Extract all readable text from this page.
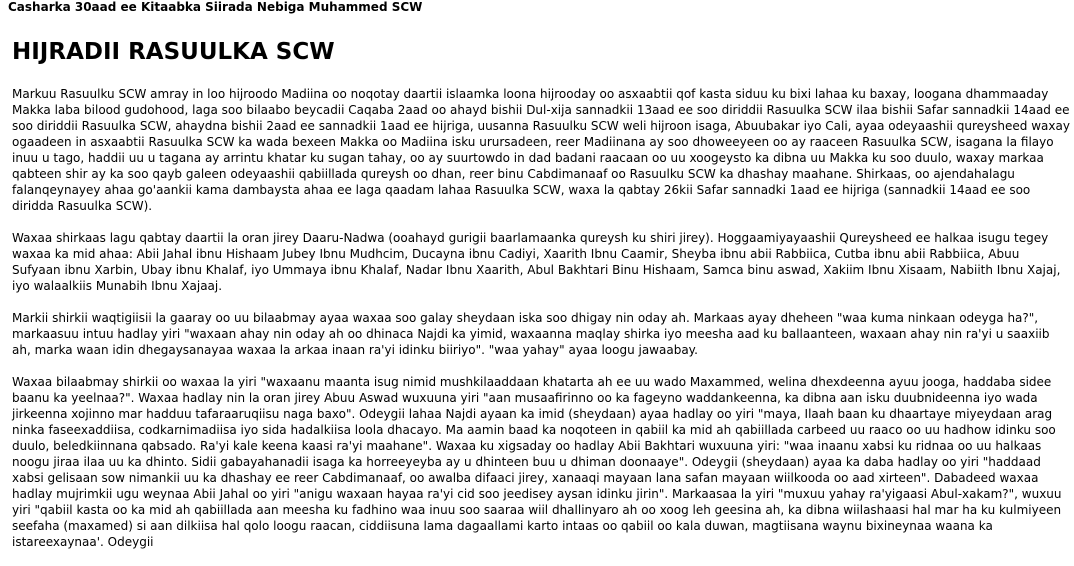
Casharka 30aad ee Kitaabka Siirada Nebiga Muhammed SCW
HIJRADII RASUULKA SCW

Markuu Rasuulku SCW amray in loo hijroodo Madiina oo noqotay daartii islaamka loona hijrooday oo asxaabtii qof kasta siduu ku bixi lahaa ku baxay, loogana dhammaaday Makka laba bilood gudohood, laga soo bilaabo beycadii Caqaba 2aad oo ahayd bishii Dul-xija sannadkii 13aad ee soo diriddii Rasuulka SCW ilaa bishii Safar sannadkii 14aad ee soo diriddii Rasuulka SCW, ahaydna bishii 2aad ee sannadkii 1aad ee hijriga, uusanna Rasuulku SCW weli hijroon isaga, Abuubakar iyo Cali, ayaa odeyaashii qureysheed waxay ogaadeen in asxaabtii Rasuulka SCW ka wada bexeen Makka oo Madiina isku urursadeen, reer Madiinana ay soo dhoweeyeen oo ay raaceen Rasuulka SCW, isagana la filayo inuu u tago, haddii uu u tagana ay arrintu khatar ku sugan tahay, oo ay suurtowdo in dad badani raacaan oo uu xoogeysto ka dibna uu Makka ku soo duulo, waxay markaa qabteen shir ay ka soo qayb galeen odeyaashii qabiillada qureysh oo dhan, reer binu Cabdimanaaf oo Rasuulku SCW ka dhashay maahane. Shirkaas, oo ajendahalagu falanqeynayey ahaa go'aankii kama dambaysta ahaa ee laga qaadam lahaa Rasuulka SCW, waxa la qabtay 26kii Safar sannadki 1aad ee hijriga (sannadkii 14aad ee soo diridda Rasuulka SCW).

Waxaa shirkaas lagu qabtay daartii la oran jirey Daaru-Nadwa (ooahayd gurigii baarlamaanka qureysh ku shiri jirey). Hoggaamiyayaashii Qureysheed ee halkaa isugu tegey waxaa ka mid ahaa: Abii Jahal ibnu Hishaam Jubey Ibnu Mudhcim, Ducayna ibnu Cadiyi, Xaarith Ibnu Caamir, Sheyba ibnu abii Rabbiica, Cutba ibnu abii Rabbiica, Abuu Sufyaan ibnu Xarbin, Ubay ibnu Khalaf, iyo Ummaya ibnu Khalaf, Nadar Ibnu Xaarith, Abul Bakhtari Binu Hishaam, Samca binu aswad, Xakiim Ibnu Xisaam, Nabiith Ibnu Xajaj, iyo walaalkiis Munabih Ibnu Xajaaj.

Markii shirkii waqtigiisii la gaaray oo uu bilaabmay ayaa waxaa soo galay sheydaan iska soo dhigay nin oday ah. Markaas ayay dheheen "waa kuma ninkaan odeyga ha?", markaasuu intuu hadlay yiri "waxaan ahay nin oday ah oo dhinaca Najdi ka yimid, waxaanna maqlay shirka iyo meesha aad ku ballaanteen, waxaan ahay nin ra'yi u saaxiib ah, marka waan idin dhegaysanayaa waxaa la arkaa inaan ra'yi idinku biiriyo". "waa yahay" ayaa loogu jawaabay.

Waxaa bilaabmay shirkii oo waxaa la yiri "waxaanu maanta isug nimid mushkilaaddaan khatarta ah ee uu wado Maxammed, welina dhexdeenna ayuu jooga, haddaba sidee baanu ka yeelnaa?". Waxaa hadlay nin la oran jirey Abuu Aswad wuxuuna yiri "aan musaafirinno oo ka fageyno waddankeenna, ka dibna aan isku duubnideenna iyo wada jirkeenna xojinno mar hadduu tafaraaruqiisu naga baxo". Odeygii lahaa Najdi ayaan ka imid (sheydaan) ayaa hadlay oo yiri "maya, Ilaah baan ku dhaartaye miyeydaan arag ninka faseexaddiisa, codkarnimadiisa iyo sida hadalkiisa loola dhacayo. Ma aamin baad ka noqoteen in qabiil ka mid ah qabiillada carbeed uu raaco oo uu hadhow idinku soo duulo, beledkiinnana qabsado. Ra'yi kale keena kaasi ra'yi maahane". Waxaa ku xigsaday oo hadlay Abii Bakhtari wuxuuna yiri: "waa inaanu xabsi ku ridnaa oo uu halkaas noogu jiraa ilaa uu ka dhinto. Sidii gabayahanadii isaga ka horreeyeyba ay u dhinteen buu u dhiman doonaaye". Odeygii (sheydaan) ayaa ka daba hadlay oo yiri "haddaad xabsi gelisaan sow nimankii uu ka dhashay ee reer Cabdimanaaf, oo awalba difaaci jirey, xanaaqi mayaan lana safan mayaan wiilkooda oo aad xirteen". Dabadeed waxaa hadlay mujrimkii ugu weynaa Abii Jahal oo yiri "anigu waxaan hayaa ra'yi cid soo jeedisey aysan idinku jirin". Markaasaa la yiri "muxuu yahay ra'yigaasi Abul-xakam?", wuxuu yiri "qabiil kasta oo ka mid ah qabiillada aan meesha ku fadhino waa inuu soo saaraa wiil dhallinyaro ah oo xoog leh geesina ah, ka dibna wiilashaasi hal mar ha ku kulmiyeen seefaha (maxamed) si aan dilkiisa hal qolo loogu raacan, ciddiisuna lama dagaallami karto intaas oo qabiil oo kala duwan, magtiisana waynu bixineynaa waana ka istareexaynaa'. Odeygii
